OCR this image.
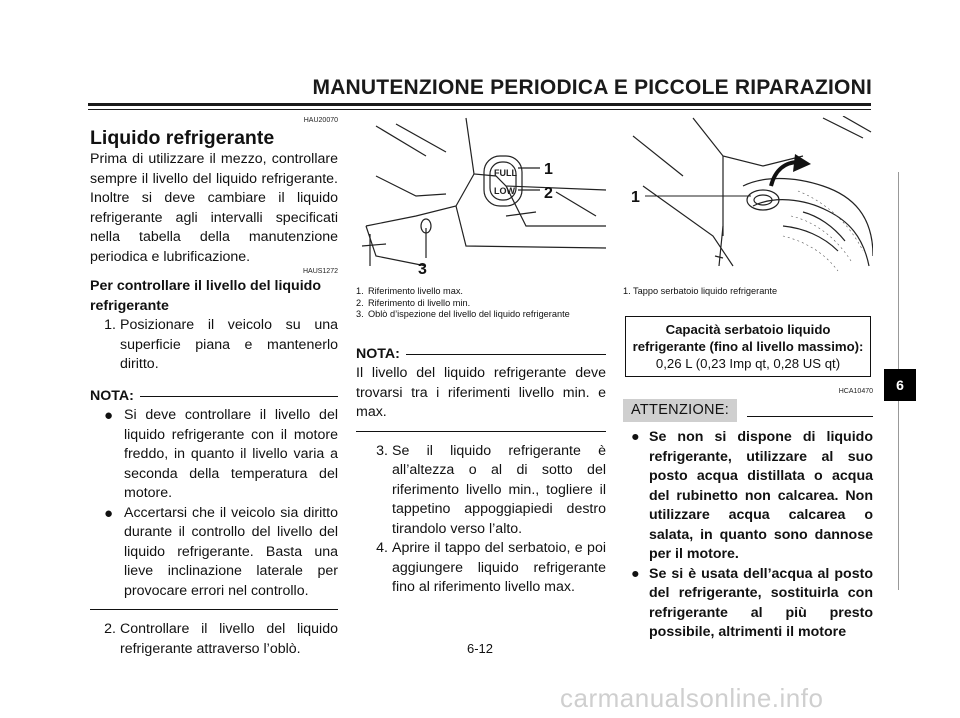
MANUTENZIONE PERIODICA E PICCOLE RIPARAZIONI
HAU20070
Liquido refrigerante
Prima di utilizzare il mezzo, controllare sempre il livello del liquido refrigerante. Inoltre si deve cambiare il liquido refrigerante agli intervalli specificati nella tabella della manutenzione periodica e lubrificazione.
HAUS1272
Per controllare il livello del liquido refrigerante
1. Posizionare il veicolo su una superficie piana e mantenerlo diritto.
NOTA:
● Si deve controllare il livello del liquido refrigerante con il motore freddo, in quanto il livello varia a seconda della temperatura del motore.
● Accertarsi che il veicolo sia diritto durante il controllo del livello del liquido refrigerante. Basta una lieve inclinazione laterale per provocare errori nel controllo.
2. Controllare il livello del liquido refrigerante attraverso l’oblò.
FULL
LOW
1
2
3
1. Riferimento livello max.
2. Riferimento di livello min.
3. Oblò d’ispezione del livello del liquido refrigerante
NOTA:
Il livello del liquido refrigerante deve trovarsi tra i riferimenti livello min. e max.
3. Se il liquido refrigerante è all’altezza o al di sotto del riferimento livello min., togliere il tappetino appoggiapiedi destro tirandolo verso l’alto.
4. Aprire il tappo del serbatoio, e poi aggiungere liquido refrigerante fino al riferimento livello max.
1
1. Tappo serbatoio liquido refrigerante
Capacità serbatoio liquido refrigerante (fino al livello massimo):
0,26 L (0,23 Imp qt, 0,28 US qt)
HCA10470
ATTENZIONE:
● Se non si dispone di liquido refrigerante, utilizzare al suo posto acqua distillata o acqua del rubinetto non calcarea. Non utilizzare acqua calcarea o salata, in quanto sono dannose per il motore.
● Se si è usata dell’acqua al posto del refrigerante, sostituirla con refrigerante al più presto possibile, altrimenti il motore
6
6-12
carmanualsonline.info
